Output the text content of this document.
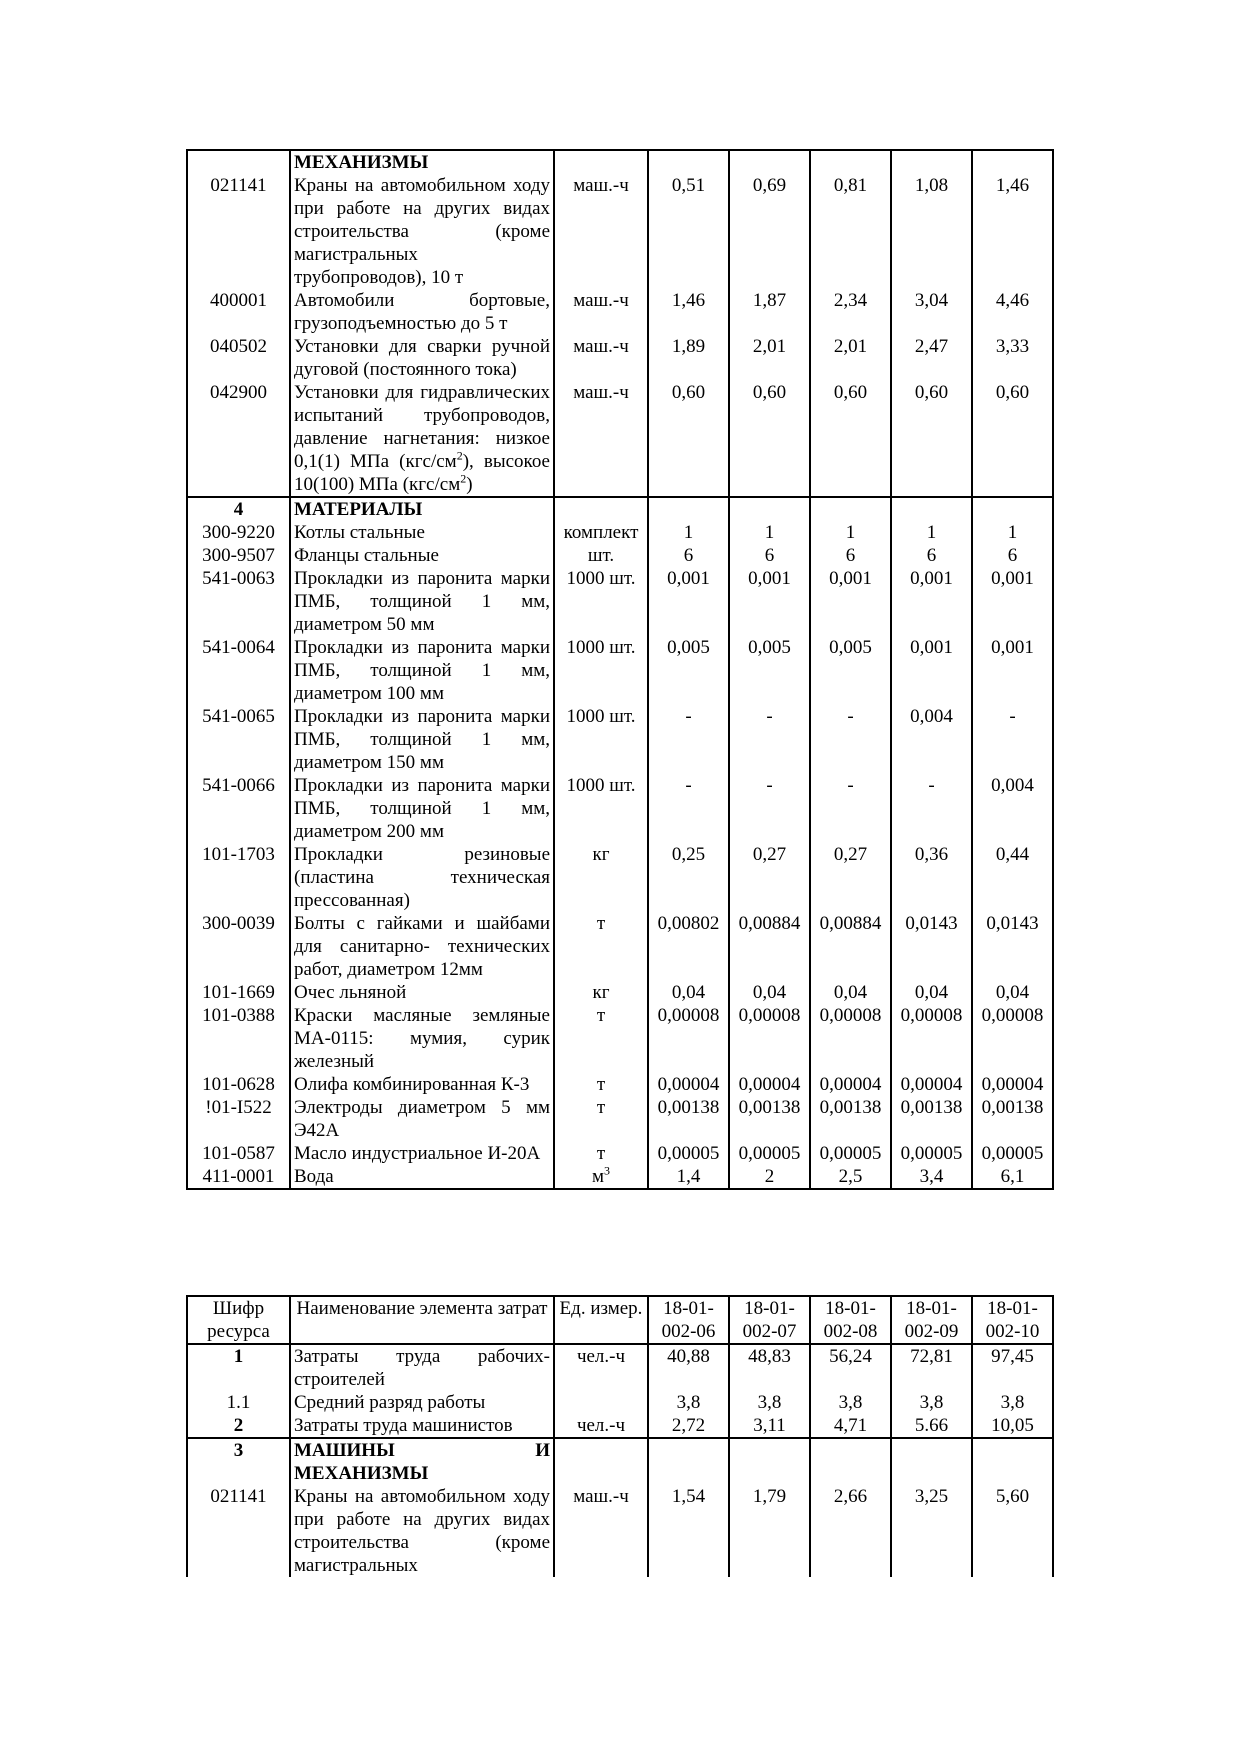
	МЕХАНИЗМЫ						
021141	Краны на автомобильном ходу при работе на других видах строительства (кроме магистральных трубопроводов), 10 т	маш.-ч	0,51	0,69	0,81	1,08	1,46
400001	Автомобили бортовые, грузоподъемностью до 5 т	маш.-ч	1,46	1,87	2,34	3,04	4,46
040502	Установки для сварки ручной дуговой (постоянного тока)	маш.-ч	1,89	2,01	2,01	2,47	3,33
042900	Установки для гидравлических испытаний трубопроводов, давление нагнетания: низкое 0,1(1) МПа $(кгс/см^2)$, высокое 10(100) МПа $(кгс/см^2)$	маш.-ч	0,60	0,60	0,60	0,60	0,60
4	МАТЕРИАЛЫ						
300-9220	Котлы стальные	комплект	1	1	1	1	1
300-9507	Фланцы стальные	шт.	6	6	6	6	6
541-0063	Прокладки из паронита марки ПМБ, толщиной 1 мм, диаметром 50 мм	1000 шт.	0,001	0,001	0,001	0,001	0,001
541-0064	Прокладки из паронита марки ПМБ, толщиной 1 мм, диаметром 100 мм	1000 шт.	0,005	0,005	0,005	0,001	0,001
541-0065	Прокладки из паронита марки ПМБ, толщиной 1 мм, диаметром 150 мм	1000 шт.	-	-	-	0,004	-
541-0066	Прокладки из паронита марки ПМБ, толщиной 1 мм, диаметром 200 мм	1000 шт.	-	-	-	-	0,004
101-1703	Прокладки резиновые (пластина техническая прессованная)	кг	0,25	0,27	0,27	0,36	0,44
300-0039	Болты с гайками и шайбами для санитарно- технических работ, диаметром 12мм	т	0,00802	0,00884	0,00884	0,0143	0,0143
101-1669	Очес льняной	кг	0,04	0,04	0,04	0,04	0,04
101-0388	Краски масляные земляные МА-0115: мумия, сурик железный	т	0,00008	0,00008	0,00008	0,00008	0,00008
101-0628	Олифа комбинированная К-3	т	0,00004	0,00004	0,00004	0,00004	0,00004
!01-I522	Электроды диаметром 5 мм Э42А	т	0,00138	0,00138	0,00138	0,00138	0,00138
101-0587	Масло индустриальное И-20А	т	0,00005	0,00005	0,00005	0,00005	0,00005
411-0001	Вода	$м^3$	1,4	2	2,5	3,4	6,1
Шифр ресурса	Наименование элемента затрат	Ед. измер.	18-01-002-06	18-01-002-07	18-01-002-08	18-01-002-09	18-01-002-10
1	Затраты труда рабочих-строителей	чел.-ч	40,88	48,83	56,24	72,81	97,45
1.1	Средний разряд работы		3,8	3,8	3,8	3,8	3,8
2	Затраты труда машинистов	чел.-ч	2,72	3,11	4,71	5.66	10,05
3	МАШИНЫ И МЕХАНИЗМЫ						
021141	Краны на автомобильном ходу при работе на других видах строительства (кроме магистральных	маш.-ч	1,54	1,79	2,66	3,25	5,60
